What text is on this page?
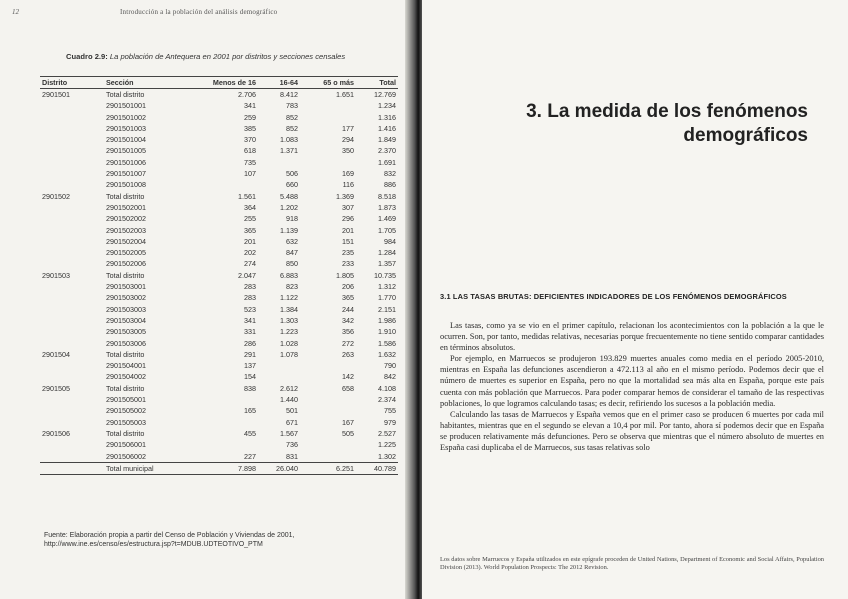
12	Introducción a la población del análisis demográfico
Cuadro 2.9: La población de Antequera en 2001 por distritos y secciones censales
Distrito	Sección	Menos de 16	16-64	65 o más	Total
2901501	Total distrito	2.706	8.412	1.651	12.769
	2901501001	341	783		1.234
	2901501002	259	852		1.316
	2901501003	385	852	177	1.416
	2901501004	370	1.083	294	1.849
	2901501005	618	1.371	350	2.370
	2901501006	735			1.691
	2901501007	107	506	169	832
	2901501008		660	116	886
2901502	Total distrito	1.561	5.488	1.369	8.518
	2901502001	364	1.202	307	1.873
	2901502002	255	918	296	1.469
	2901502003	365	1.139	201	1.705
	2901502004	201	632	151	984
	2901502005	202	847	235	1.284
	2901502006	274	850	233	1.357
2901503	Total distrito	2.047	6.883	1.805	10.735
	2901503001	283	823	206	1.312
	2901503002	283	1.122	365	1.770
	2901503003	523	1.384	244	2.151
	2901503004	341	1.303	342	1.986
	2901503005	331	1.223	356	1.910
	2901503006	286	1.028	272	1.586
2901504	Total distrito	291	1.078	263	1.632
	2901504001	137			790
	2901504002	154		142	842
2901505	Total distrito	838	2.612	658	4.108
	2901505001		1.440		2.374
	2901505002	165	501		755
	2901505003		671	167	979
2901506	Total distrito	455	1.567	505	2.527
	2901506001		736		1.225
	2901506002	227	831		1.302
	Total municipal	7.898	26.040	6.251	40.789
Fuente: Elaboración propia a partir del Censo de Población y Viviendas de 2001, http://www.ine.es/censo/es/estructura.jsp?t=MDUB.UDTEOTIVO_PTM
3. La medida de los fenómenos
demográficos
3.1 LAS TASAS BRUTAS: DEFICIENTES INDICADORES DE LOS FENÓMENOS DEMOGRÁFICOS

Las tasas, como ya se vio en el primer capítulo, relacionan los acontecimientos con la población a la que le ocurren. Son, por tanto, medidas relativas, necesarias porque frecuentemente no tiene sentido comparar cantidades en términos absolutos.

Por ejemplo, en Marruecos se produjeron 193.829 muertes anuales como media en el período 2005-2010, mientras en España las defunciones ascendieron a 472.113 al año en el mismo período. Podemos decir que el número de muertes es superior en España, pero no que la mortalidad sea más alta en España, porque este país cuenta con más población que Marruecos. Para poder comparar hemos de considerar el tamaño de las respectivas poblaciones, lo que logramos calculando tasas; es decir, refiriendo los sucesos a la población media.

Calculando las tasas de Marruecos y España vemos que en el primer caso se producen 6 muertes por cada mil habitantes, mientras que en el segundo se elevan a 10,4 por mil. Por tanto, ahora sí podemos decir que en España se producen relativamente más defunciones. Pero se observa que mientras que el número absoluto de muertes en España casi duplicaba el de Marruecos, sus tasas relativas solo

Los datos sobre Marruecos y España utilizados en este epígrafe proceden de United Nations, Department of Economic and Social Affairs, Population Division (2013). World Population Prospects: The 2012 Revision.
